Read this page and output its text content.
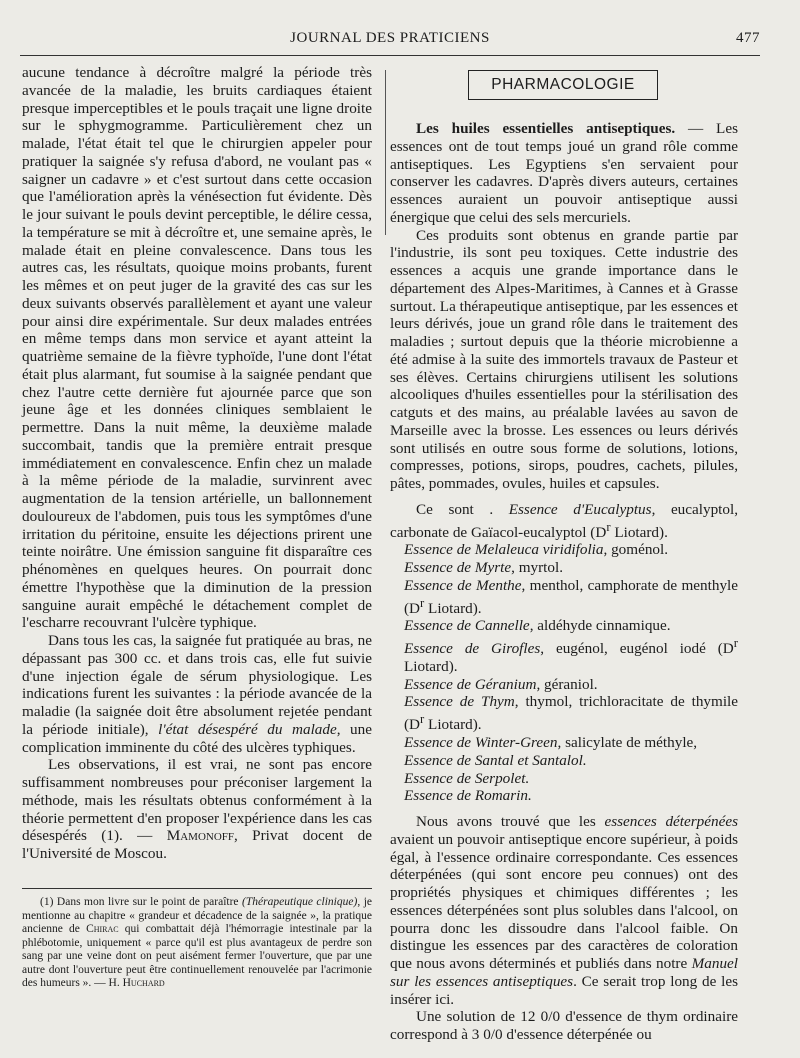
JOURNAL DES PRATICIENS	477

aucune tendance à décroître malgré la période très avancée de la maladie, les bruits cardiaques étaient presque imperceptibles et le pouls traçait une ligne droite sur le sphygmogramme. Particulièrement chez un malade, l'état était tel que le chirurgien appeler pour pratiquer la saignée s'y refusa d'abord, ne voulant pas « saigner un cadavre » et c'est surtout dans cette occasion que l'amélioration après la vénésection fut évidente. Dès le jour suivant le pouls devint perceptible, le délire cessa, la température se mit à décroître et, une semaine après, le malade était en pleine convalescence. Dans tous les autres cas, les résultats, quoique moins probants, furent les mêmes et on peut juger de la gravité des cas sur les deux suivants observés parallèlement et ayant une valeur pour ainsi dire expérimentale. Sur deux malades entrées en même temps dans mon service et ayant atteint la quatrième semaine de la fièvre typhoïde, l'une dont l'état était plus alarmant, fut soumise à la saignée pendant que chez l'autre cette dernière fut ajournée parce que son jeune âge et les données cliniques semblaient le permettre. Dans la nuit même, la deuxième malade succombait, tandis que la première entrait presque immédiatement en convalescence. Enfin chez un malade à la même période de la maladie, survinrent avec augmentation de la tension artérielle, un ballonnement douloureux de l'abdomen, puis tous les symptômes d'une irritation du péritoine, ensuite les déjections prirent une teinte noirâtre. Une émission sanguine fit disparaître ces phénomènes en quelques heures. On pourrait donc émettre l'hypothèse que la diminution de la pression sanguine aurait empêché le détachement complet de l'escharre recouvrant l'ulcère typhique.

Dans tous les cas, la saignée fut pratiquée au bras, ne dépassant pas 300 cc. et dans trois cas, elle fut suivie d'une injection égale de sérum physiologique. Les indications furent les suivantes : la période avancée de la maladie (la saignée doit être absolument rejetée pendant la période initiale), l'état désespéré du malade, une complication imminente du côté des ulcères typhiques.

Les observations, il est vrai, ne sont pas encore suffisamment nombreuses pour préconiser largement la méthode, mais les résultats obtenus conformément à la théorie permettent d'en proposer l'expérience dans les cas désespérés (1). — Mamonoff, Privat docent de l'Université de Moscou.

(1) Dans mon livre sur le point de paraître (Thérapeutique clinique), je mentionne au chapitre « grandeur et décadence de la saignée », la pratique ancienne de Chirac qui combattait déjà l'hémorragie intestinale par la phlébotomie, uniquement « parce qu'il est plus avantageux de perdre son sang par une veine dont on peut aisément fermer l'ouverture, que par une autre dont l'ouverture peut être continuellement renouvelée par l'acrimonie des humeurs ». — H. Huchard

PHARMACOLOGIE

Les huiles essentielles antiseptiques. — Les essences ont de tout temps joué un grand rôle comme antiseptiques. Les Egyptiens s'en servaient pour conserver les cadavres. D'après divers auteurs, certaines essences auraient un pouvoir antiseptique aussi énergique que celui des sels mercuriels.

Ces produits sont obtenus en grande partie par l'industrie, ils sont peu toxiques. Cette industrie des essences a acquis une grande importance dans le département des Alpes-Maritimes, à Cannes et à Grasse surtout. La thérapeutique antiseptique, par les essences et leurs dérivés, joue un grand rôle dans le traitement des maladies ; surtout depuis que la théorie microbienne a été admise à la suite des immortels travaux de Pasteur et ses élèves. Certains chirurgiens utilisent les solutions alcooliques d'huiles essentielles pour la stérilisation des catguts et des mains, au préalable lavées au savon de Marseille avec la brosse. Les essences ou leurs dérivés sont utilisés en outre sous forme de solutions, lotions, compresses, potions, sirops, poudres, cachets, pilules, pâtes, pommades, ovules, huiles et capsules.

Ce sont . Essence d'Eucalyptus, eucalyptol, carbonate de Gaïacol-eucalyptol ($D^r$ Liotard).

Essence de Melaleuca viridifolia, goménol.

Essence de Myrte, myrtol.

Essence de Menthe, menthol, camphorate de menthyle ($D^r$ Liotard).

Essence de Cannelle, aldéhyde cinnamique.

Essence de Girofles, eugénol, eugénol iodé ($D^r$ Liotard).

Essence de Géranium, géraniol.

Essence de Thym, thymol, trichloracitate de thymile ($D^r$ Liotard).

Essence de Winter-Green, salicylate de méthyle,

Essence de Santal et Santalol.

Essence de Serpolet.

Essence de Romarin.

Nous avons trouvé que les essences déterpénées avaient un pouvoir antiseptique encore supérieur, à poids égal, à l'essence ordinaire correspondante. Ces essences déterpénées (qui sont encore peu connues) ont des propriétés physiques et chimiques différentes ; les essences déterpénées sont plus solubles dans l'alcool, on pourra donc les dissoudre dans l'alcool faible. On distingue les essences par des caractères de coloration que nous avons déterminés et publiés dans notre Manuel sur les essences antiseptiques. Ce serait trop long de les insérer ici.

Une solution de 12 0/0 d'essence de thym ordinaire correspond à 3 0/0 d'essence déterpénée ou
